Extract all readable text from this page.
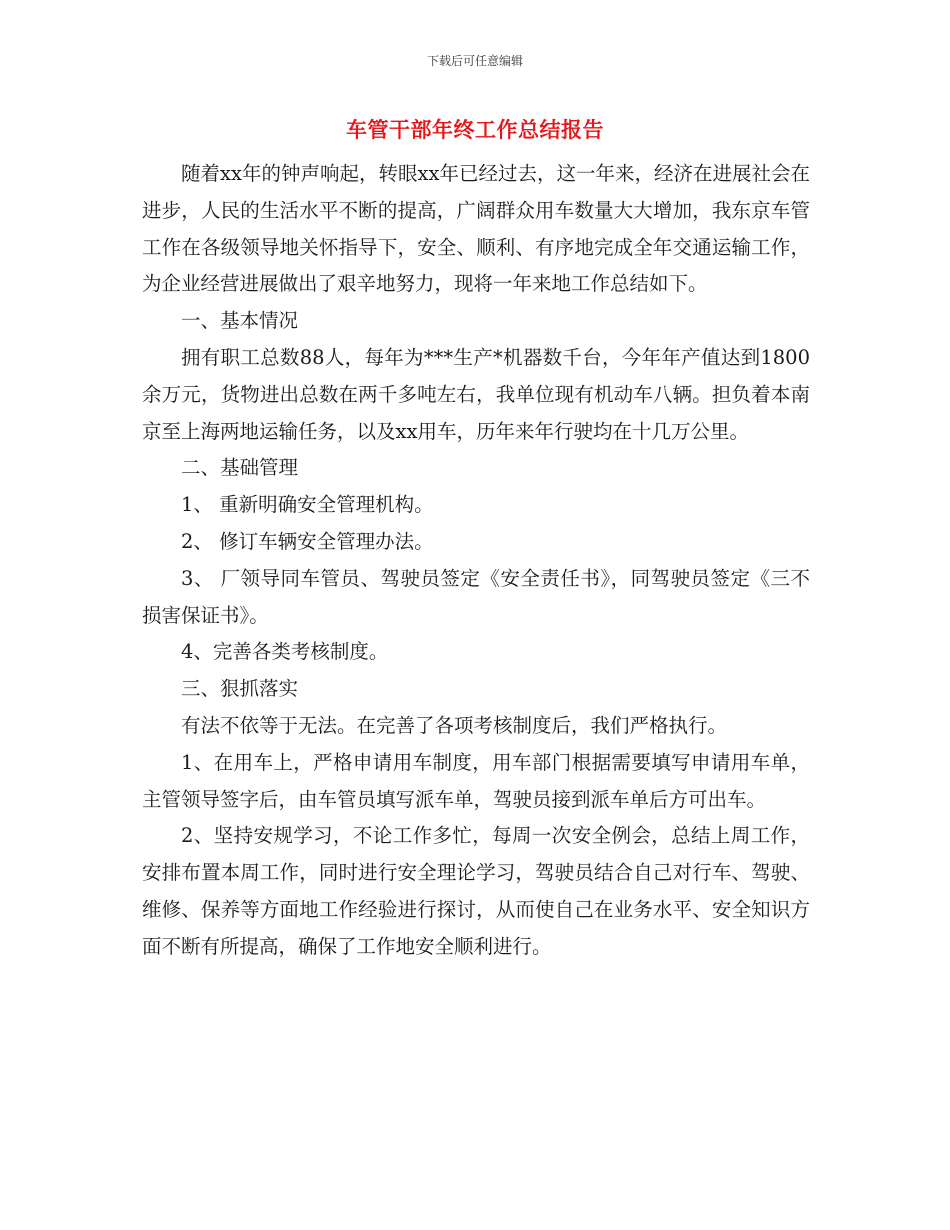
下载后可任意编辑
车管干部年终工作总结报告

随着xx年的钟声响起，转眼xx年已经过去，这一年来，经济在进展社会在进步，人民的生活水平不断的提高，广阔群众用车数量大大增加，我东京车管工作在各级领导地关怀指导下，安全、顺利、有序地完成全年交通运输工作，为企业经营进展做出了艰辛地努力，现将一年来地工作总结如下。

一、基本情况

拥有职工总数88人，每年为***生产*机器数千台，今年年产值达到1800余万元，货物进出总数在两千多吨左右，我单位现有机动车八辆。担负着本南京至上海两地运输任务，以及xx用车，历年来年行驶均在十几万公里。

二、基础管理

1、 重新明确安全管理机构。

2、 修订车辆安全管理办法。

3、 厂领导同车管员、驾驶员签定《安全责任书》，同驾驶员签定《三不损害保证书》。

4、完善各类考核制度。

三、狠抓落实

有法不依等于无法。在完善了各项考核制度后，我们严格执行。

1、在用车上，严格申请用车制度，用车部门根据需要填写申请用车单，主管领导签字后，由车管员填写派车单，驾驶员接到派车单后方可出车。

2、坚持安规学习，不论工作多忙，每周一次安全例会，总结上周工作，安排布置本周工作，同时进行安全理论学习，驾驶员结合自己对行车、驾驶、维修、保养等方面地工作经验进行探讨，从而使自己在业务水平、安全知识方面不断有所提高，确保了工作地安全顺利进行。
